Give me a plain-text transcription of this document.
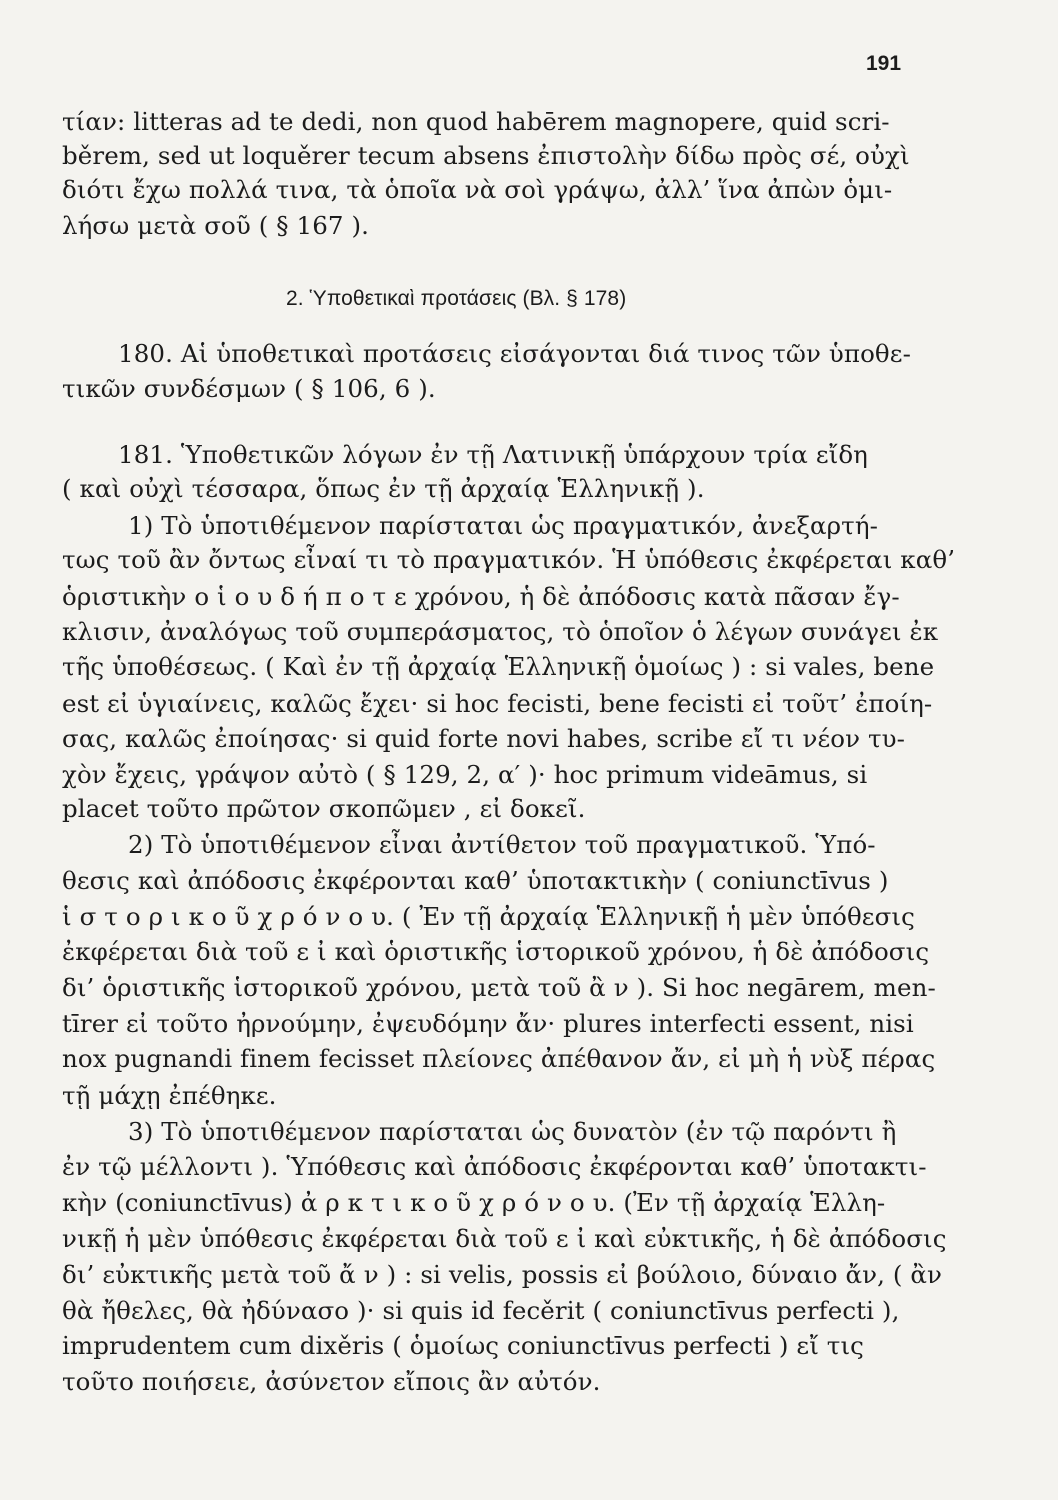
191
τίαν: litteras ad te dedi, non quod habērem magnopere, quid scri-
běrem, sed ut loquěrer tecum absens ἐπιστολὴν δίδω πρὸς σέ, οὐχὶ
διότι ἔχω πολλά τινα, τὰ ὁποῖα νὰ σοὶ γράψω, ἀλλ’ ἵνα ἀπὼν ὁμι-
λήσω μετὰ σοῦ ( § 167 ).
2. Ὑποθετικαὶ προτάσεις (Βλ. § 178)
180. Αἱ ὑποθετικαὶ προτάσεις εἰσάγονται διά τινος τῶν ὑποθε-
τικῶν συνδέσμων ( § 106, 6 ).
181. Ὑποθετικῶν λόγων ἐν τῇ Λατινικῇ ὑπάρχουν τρία εἴδη
( καὶ οὐχὶ τέσσαρα, ὅπως ἐν τῇ ἀρχαίᾳ Ἑλληνικῇ ).
1) Τὸ ὑποτιθέμενον παρίσταται ὡς πραγματικόν, ἀνεξαρτή-
τως τοῦ ἂν ὄντως εἶναί τι τὸ πραγματικόν. Ἡ ὑπόθεσις ἐκφέρεται καθ’
ὁριστικὴν ο ἱ ο υ δ ή π ο τ ε χρόνου, ἡ δὲ ἀπόδοσις κατὰ πᾶσαν ἔγ-
κλισιν, ἀναλόγως τοῦ συμπεράσματος, τὸ ὁποῖον ὁ λέγων συνάγει ἐκ
τῆς ὑποθέσεως. ( Καὶ ἐν τῇ ἀρχαίᾳ Ἑλληνικῇ ὁμοίως ) : si vales, bene
est εἰ ὑγιαίνεις, καλῶς ἔχει· si hoc fecisti, bene fecisti εἰ τοῦτ’ ἐποίη-
σας, καλῶς ἐποίησας· si quid forte novi habes, scribe εἴ τι νέον τυ-
χὸν ἔχεις, γράψον αὐτὸ ( § 129, 2, α′ )· hoc primum videāmus, si
placet τοῦτο πρῶτον σκοπῶμεν , εἰ δοκεῖ.
2) Τὸ ὑποτιθέμενον εἶναι ἀντίθετον τοῦ πραγματικοῦ. Ὑπό-
θεσις καὶ ἀπόδοσις ἐκφέρονται καθ’ ὑποτακτικὴν ( coniunctīvus )
ἱ σ τ ο ρ ι κ ο ῦ χ ρ ό ν ο υ. ( Ἐν τῇ ἀρχαίᾳ Ἑλληνικῇ ἡ μὲν ὑπόθεσις
ἐκφέρεται διὰ τοῦ ε ἰ καὶ ὁριστικῆς ἱστορικοῦ χρόνου, ἡ δὲ ἀπόδοσις
δι’ ὁριστικῆς ἱστορικοῦ χρόνου, μετὰ τοῦ ἂ ν ). Si hoc negārem, men-
tīrer εἰ τοῦτο ἠρνούμην, ἐψευδόμην ἄν· plures interfecti essent, nisi
nox pugnandi finem fecisset πλείονες ἀπέθανον ἄν, εἰ μὴ ἡ νὺξ πέρας
τῇ μάχῃ ἐπέθηκε.
3) Τὸ ὑποτιθέμενον παρίσταται ὡς δυνατὸν (ἐν τῷ παρόντι ἢ
ἐν τῷ μέλλοντι ). Ὑπόθεσις καὶ ἀπόδοσις ἐκφέρονται καθ’ ὑποτακτι-
κὴν (coniunctīvus) ἀ ρ κ τ ι κ ο ῦ χ ρ ό ν ο υ. (Ἐν τῇ ἀρχαίᾳ Ἑλλη-
νικῇ ἡ μὲν ὑπόθεσις ἐκφέρεται διὰ τοῦ ε ἰ καὶ εὐκτικῆς, ἡ δὲ ἀπόδοσις
δι’ εὐκτικῆς μετὰ τοῦ ἄ ν ) : si velis, possis εἰ βούλοιο, δύναιο ἄν, ( ἂν
θὰ ἤθελες, θὰ ἠδύνασο )· si quis id fecěrit ( coniunctīvus perfecti ),
imprudentem cum dixěris ( ὁμοίως coniunctīvus perfecti ) εἴ τις
τοῦτο ποιήσειε, ἀσύνετον εἴποις ἂν αὐτόν.
